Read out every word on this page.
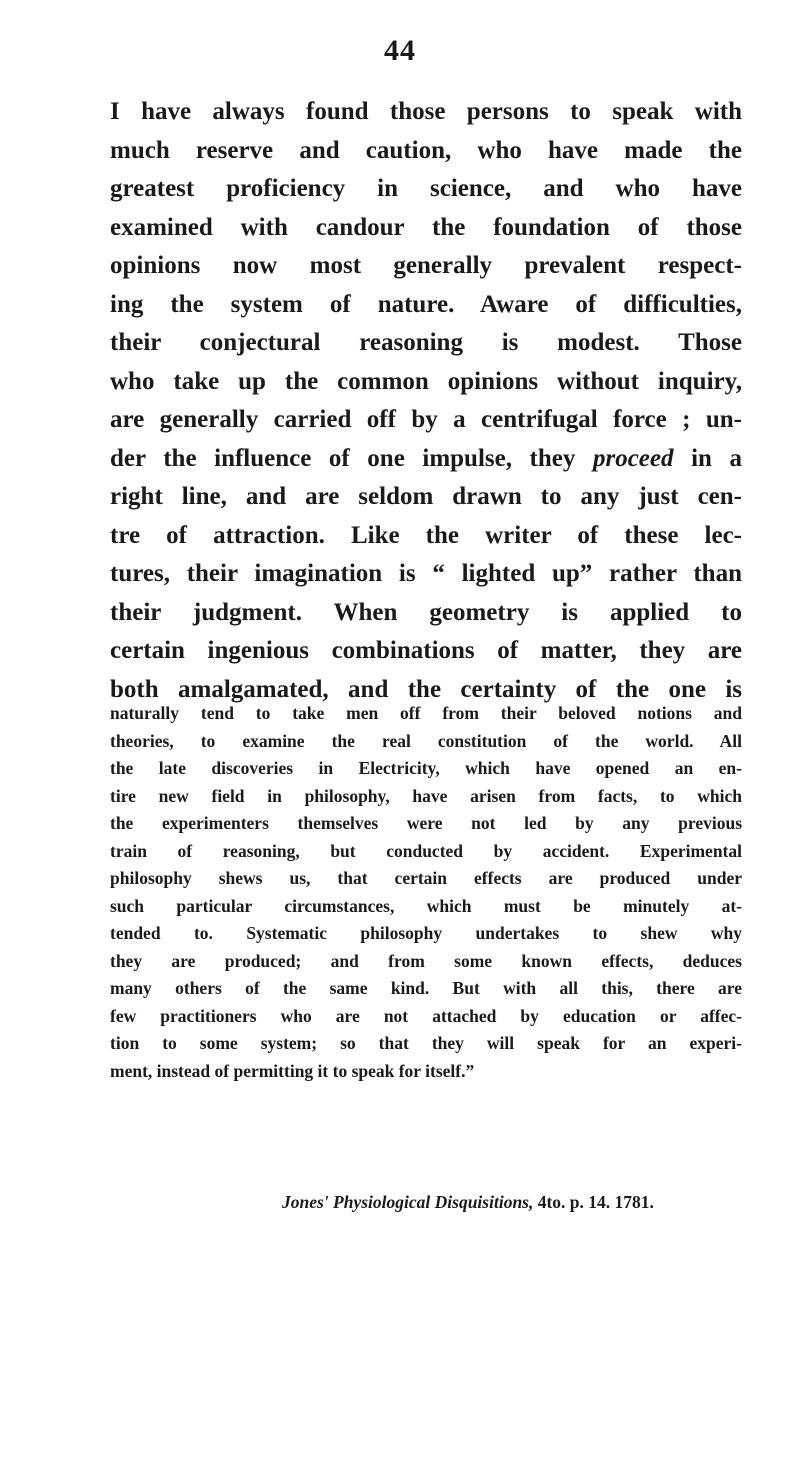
44
I have always found those persons to speak with
much reserve and caution, who have made the
greatest proficiency in science, and who have
examined with candour the foundation of those
opinions now most generally prevalent respect-
ing the system of nature. Aware of difficulties,
their conjectural reasoning is modest. Those
who take up the common opinions without inquiry,
are generally carried off by a centrifugal force ; un-
der the influence of one impulse, they proceed in a
right line, and are seldom drawn to any just cen-
tre of attraction. Like the writer of these lec-
tures, their imagination is “ lighted up” rather than
their judgment. When geometry is applied to
certain ingenious combinations of matter, they are
both amalgamated, and the certainty of the one is
naturally tend to take men off from their beloved notions and
theories, to examine the real constitution of the world. All
the late discoveries in Electricity, which have opened an en-
tire new field in philosophy, have arisen from facts, to which
the experimenters themselves were not led by any previous
train of reasoning, but conducted by accident. Experimental
philosophy shews us, that certain effects are produced under
such particular circumstances, which must be minutely at-
tended to. Systematic philosophy undertakes to shew why
they are produced; and from some known effects, deduces
many others of the same kind. But with all this, there are
few practitioners who are not attached by education or affec-
tion to some system; so that they will speak for an experi-
ment, instead of permitting it to speak for itself.”
Jones' Physiological Disquisitions, 4to. p. 14. 1781.
